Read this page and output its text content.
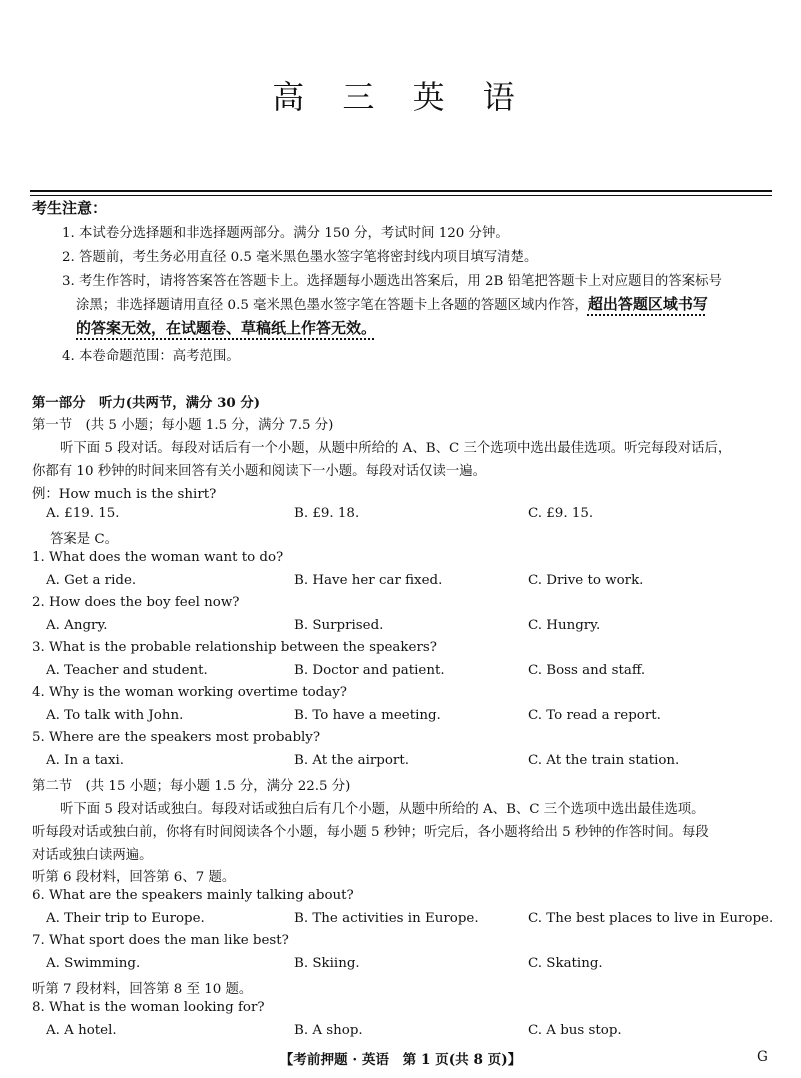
高 三 英 语
考生注意：
1. 本试卷分选择题和非选择题两部分。满分 150 分，考试时间 120 分钟。
2. 答题前，考生务必用直径 0.5 毫米黑色墨水签字笔将密封线内项目填写清楚。
3. 考生作答时，请将答案答在答题卡上。选择题每小题选出答案后，用 2B 铅笔把答题卡上对应题目的答案标号
涂黑；非选择题请用直径 0.5 毫米黑色墨水签字笔在答题卡上各题的答题区域内作答，超出答题区域书写
的答案无效，在试题卷、草稿纸上作答无效。
4. 本卷命题范围：高考范围。
第一部分　听力(共两节，满分 30 分)
第一节　(共 5 小题；每小题 1.5 分，满分 7.5 分)
听下面 5 段对话。每段对话后有一个小题，从题中所给的 A、B、C 三个选项中选出最佳选项。听完每段对话后，
你都有 10 秒钟的时间来回答有关小题和阅读下一小题。每段对话仅读一遍。
例：How much is the shirt?
A. £19. 15.	B. £9. 18.	C. £9. 15.
答案是 C。
1. What does the woman want to do?
A. Get a ride.	B. Have her car fixed.	C. Drive to work.
2. How does the boy feel now?
A. Angry.	B. Surprised.	C. Hungry.
3. What is the probable relationship between the speakers?
A. Teacher and student.	B. Doctor and patient.	C. Boss and staff.
4. Why is the woman working overtime today?
A. To talk with John.	B. To have a meeting.	C. To read a report.
5. Where are the speakers most probably?
A. In a taxi.	B. At the airport.	C. At the train station.
第二节　(共 15 小题；每小题 1.5 分，满分 22.5 分)
听下面 5 段对话或独白。每段对话或独白后有几个小题，从题中所给的 A、B、C 三个选项中选出最佳选项。
听每段对话或独白前，你将有时间阅读各个小题，每小题 5 秒钟；听完后，各小题将给出 5 秒钟的作答时间。每段
对话或独白读两遍。
听第 6 段材料，回答第 6、7 题。
6. What are the speakers mainly talking about?
A. Their trip to Europe.	B. The activities in Europe.	C. The best places to live in Europe.
7. What sport does the man like best?
A. Swimming.	B. Skiing.	C. Skating.
听第 7 段材料，回答第 8 至 10 题。
8. What is the woman looking for?
A. A hotel.	B. A shop.	C. A bus stop.
【考前押题 · 英语　第 1 页(共 8 页)】	G
